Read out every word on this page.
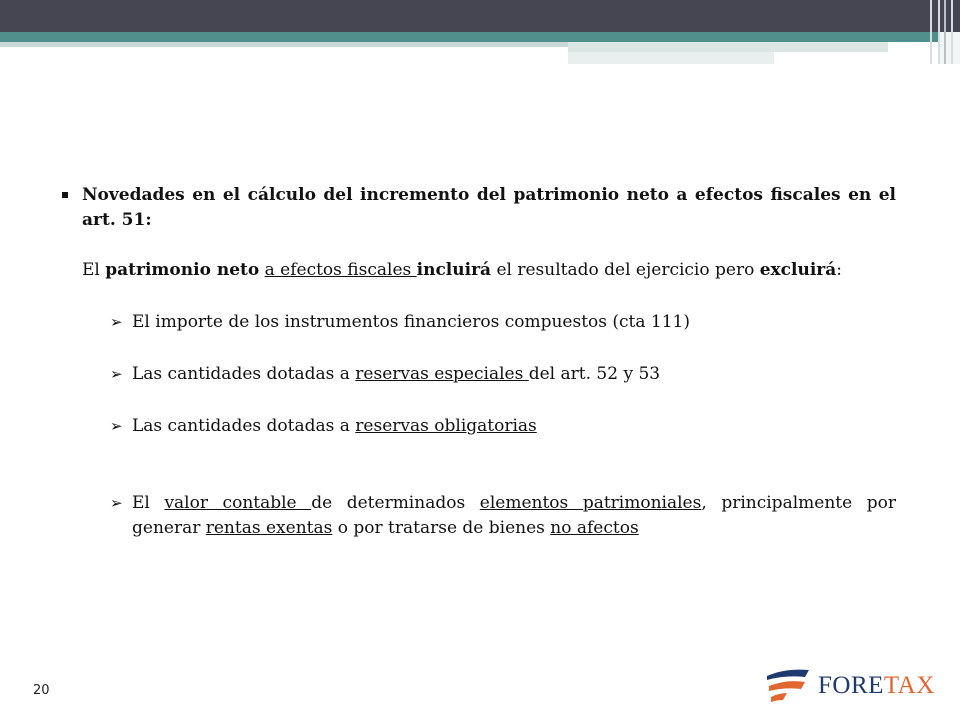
Novedades en el cálculo del incremento del patrimonio neto a efectos fiscales en el art. 51:
El patrimonio neto a efectos fiscales incluirá el resultado del ejercicio pero excluirá:
➢ El importe de los instrumentos financieros compuestos (cta 111)
➢ Las cantidades dotadas a reservas especiales del art. 52 y 53
➢ Las cantidades dotadas a reservas obligatorias
➢ El valor contable de determinados elementos patrimoniales, principalmente por generar rentas exentas o por tratarse de bienes no afectos
20	FORETAX
